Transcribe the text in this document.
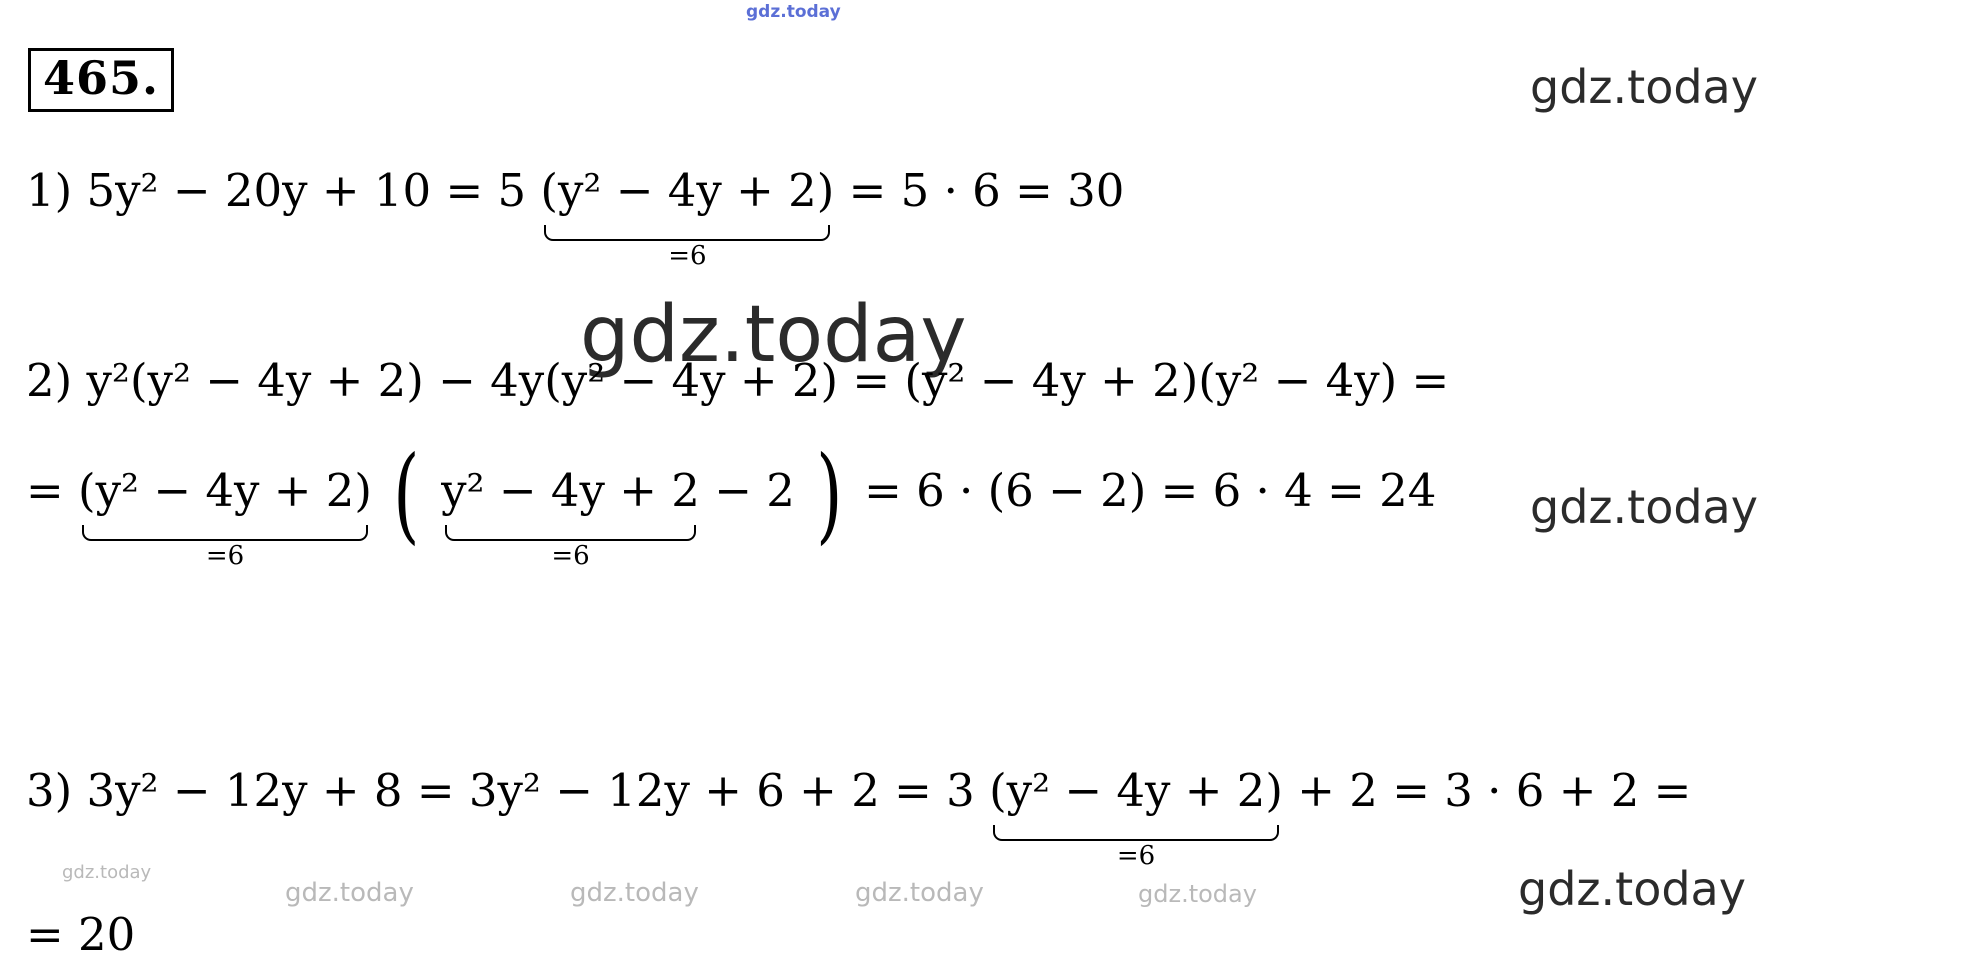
gdz.today
gdz.today
gdz.today
gdz.today
gdz.today
gdz.today	gdz.today	gdz.today	gdz.today	gdz.today
465.
1) 5y² − 20y + 10 = 5 (y² − 4y + 2)
=6
= 5 · 6 = 30
2) y²(y² − 4y + 2) − 4y(y² − 4y + 2) = (y² − 4y + 2)(y² − 4y) =
= (y² − 4y + 2)
=6
( y² − 4y + 2
=6
− 2 ) = 6 · (6 − 2) = 6 · 4 = 24
3) 3y² − 12y + 8 = 3y² − 12y + 6 + 2 = 3 (y² − 4y + 2)
=6
+ 2 = 3 · 6 + 2 =
= 20
